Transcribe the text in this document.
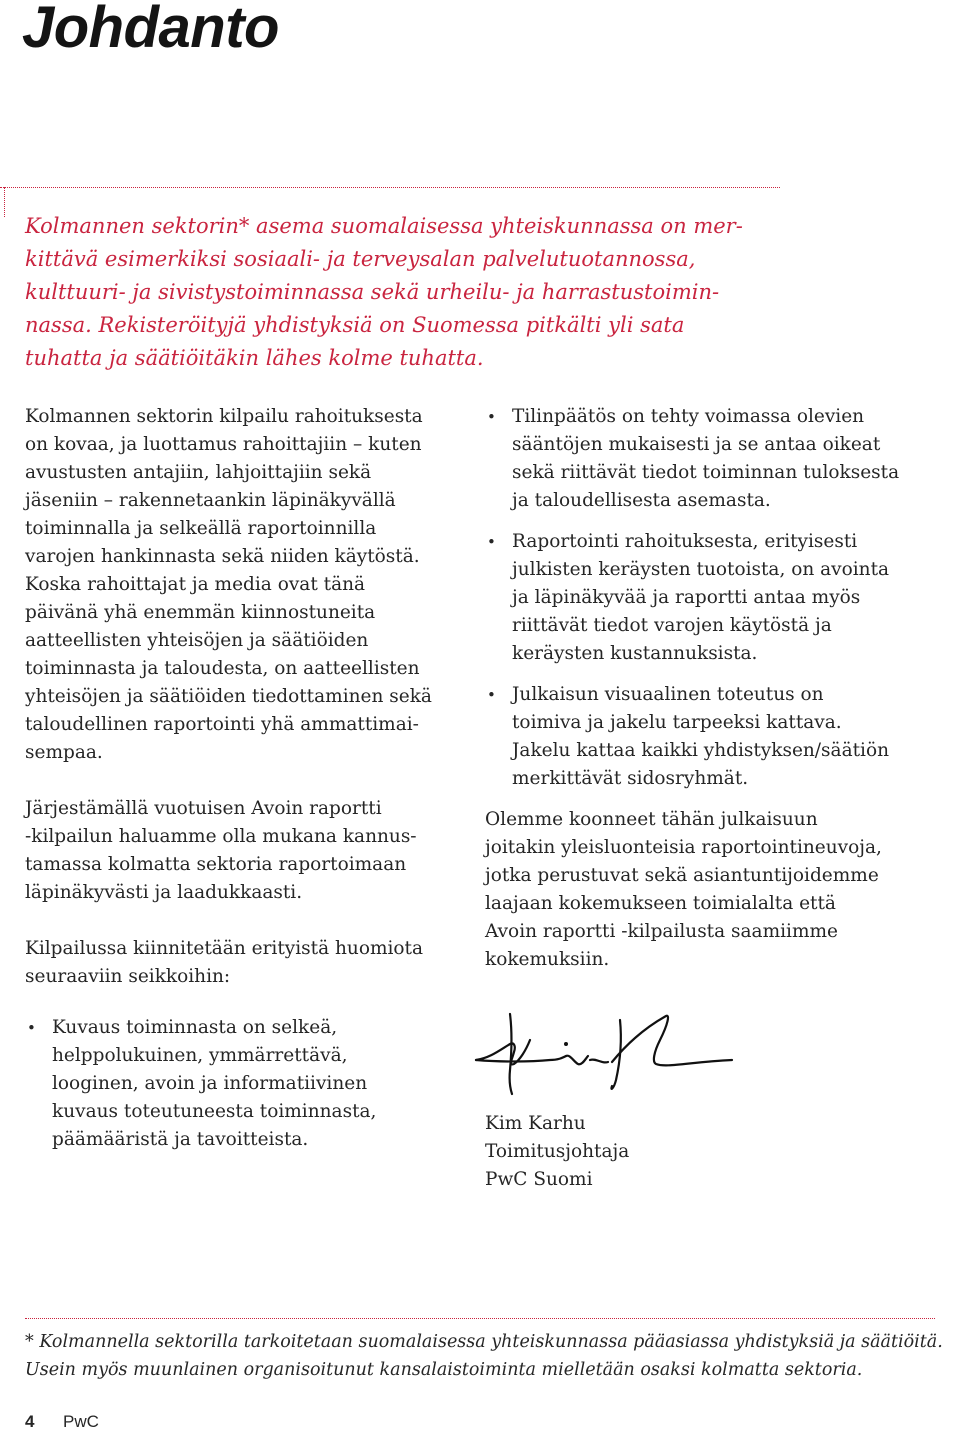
Johdanto
Kolmannen sektorin* asema suomalaisessa yhteiskunnassa on mer-
kittävä esimerkiksi sosiaali- ja terveysalan palvelutuotannossa,
kulttuuri- ja sivistystoiminnassa sekä urheilu- ja harrastustoimin-
nassa. Rekisteröityjä yhdistyksiä on Suomessa pitkälti yli sata
tuhatta ja säätiöitäkin lähes kolme tuhatta.
Kolmannen sektorin kilpailu rahoituksesta
on kovaa, ja luottamus rahoittajiin – kuten
avustusten antajiin, lahjoittajiin sekä
jäseniin – rakennetaankin läpinäkyvällä
toiminnalla ja selkeällä raportoinnilla
varojen hankinnasta sekä niiden käytöstä.
Koska rahoittajat ja media ovat tänä
päivänä yhä enemmän kiinnostuneita
aatteellisten yhteisöjen ja säätiöiden
toiminnasta ja taloudesta, on aatteellisten
yhteisöjen ja säätiöiden tiedottaminen sekä
taloudellinen raportointi yhä ammattimai-
sempaa.
Järjestämällä vuotuisen Avoin raportti
-kilpailun haluamme olla mukana kannus-
tamassa kolmatta sektoria raportoimaan
läpinäkyvästi ja laadukkaasti.
Kilpailussa kiinnitetään erityistä huomiota
seuraaviin seikkoihin:
• Kuvaus toiminnasta on selkeä,
helppolukuinen, ymmärrettävä,
looginen, avoin ja informatiivinen
kuvaus toteutuneesta toiminnasta,
päämääristä ja tavoitteista.
• Tilinpäätös on tehty voimassa olevien
sääntöjen mukaisesti ja se antaa oikeat
sekä riittävät tiedot toiminnan tuloksesta
ja taloudellisesta asemasta.
• Raportointi rahoituksesta, erityisesti
julkisten keräysten tuotoista, on avointa
ja läpinäkyvää ja raportti antaa myös
riittävät tiedot varojen käytöstä ja
keräysten kustannuksista.
• Julkaisun visuaalinen toteutus on
toimiva ja jakelu tarpeeksi kattava.
Jakelu kattaa kaikki yhdistyksen/säätiön
merkittävät sidosryhmät.
Olemme koonneet tähän julkaisuun
joitakin yleisluonteisia raportointineuvoja,
jotka perustuvat sekä asiantuntijoidemme
laajaan kokemukseen toimialalta että
Avoin raportti -kilpailusta saamiimme
kokemuksiin.
Kim Karhu
Toimitusjohtaja
PwC Suomi
* Kolmannella sektorilla tarkoitetaan suomalaisessa yhteiskunnassa pääasiassa yhdistyksiä ja säätiöitä.
Usein myös muunlainen organisoitunut kansalaistoiminta mielletään osaksi kolmatta sektoria.
4 PwC
